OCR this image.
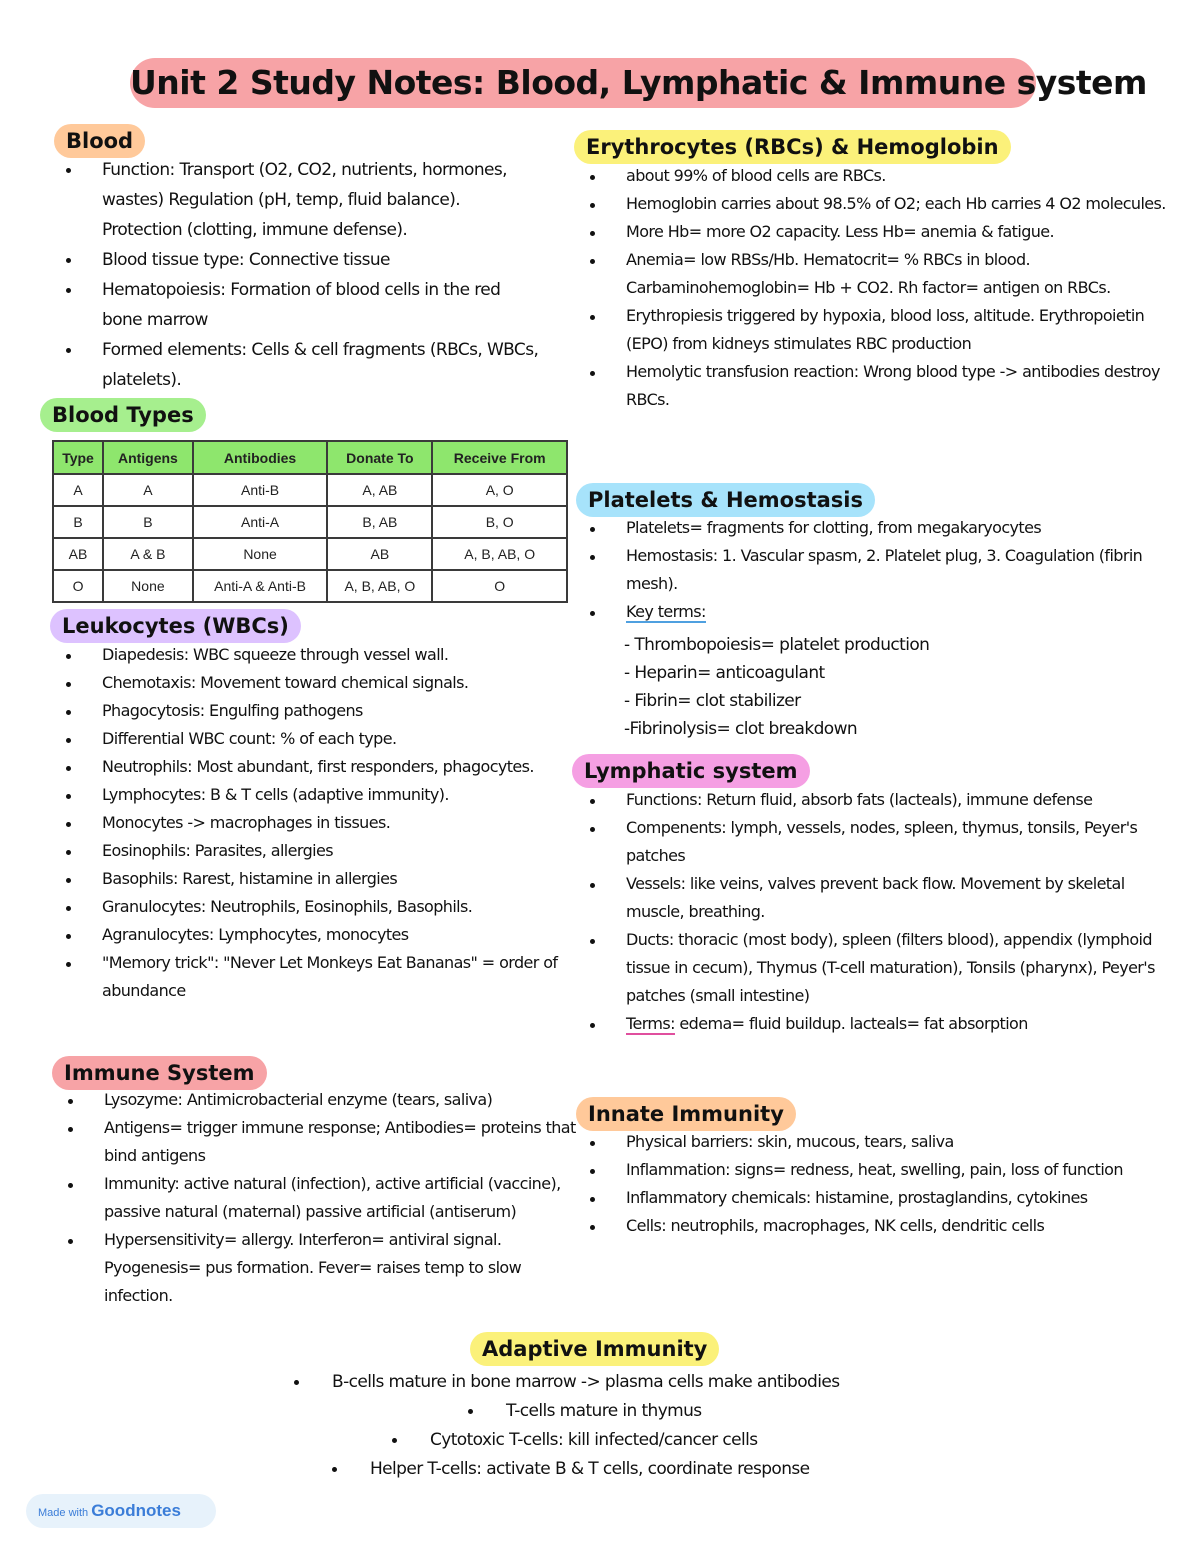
Unit 2 Study Notes: Blood, Lymphatic & Immune system
Blood
Function: Transport (O2, CO2, nutrients, hormones, wastes) Regulation (pH, temp, fluid balance). Protection (clotting, immune defense).
Blood tissue type: Connective tissue
Hematopoiesis: Formation of blood cells in the red bone marrow
Formed elements: Cells & cell fragments (RBCs, WBCs, platelets).
Blood Types
Type	Antigens	Antibodies	Donate To	Receive From
A	A	Anti-B	A, AB	A, O
B	B	Anti-A	B, AB	B, O
AB	A & B	None	AB	A, B, AB, O
O	None	Anti-A & Anti-B	A, B, AB, O	O
Leukocytes (WBCs)
Diapedesis: WBC squeeze through vessel wall.
Chemotaxis: Movement toward chemical signals.
Phagocytosis: Engulfing pathogens
Differential WBC count: % of each type.
Neutrophils: Most abundant, first responders, phagocytes.
Lymphocytes: B & T cells (adaptive immunity).
Monocytes -> macrophages in tissues.
Eosinophils: Parasites, allergies
Basophils: Rarest, histamine in allergies
Granulocytes: Neutrophils, Eosinophils, Basophils.
Agranulocytes: Lymphocytes, monocytes
"Memory trick": "Never Let Monkeys Eat Bananas" = order of abundance
Immune System
Lysozyme: Antimicrobacterial enzyme (tears, saliva)
Antigens= trigger immune response; Antibodies= proteins that bind antigens
Immunity: active natural (infection), active artificial (vaccine), passive natural (maternal) passive artificial (antiserum)
Hypersensitivity= allergy. Interferon= antiviral signal. Pyogenesis= pus formation. Fever= raises temp to slow infection.
Erythrocytes (RBCs) & Hemoglobin
about 99% of blood cells are RBCs.
Hemoglobin carries about 98.5% of O2; each Hb carries 4 O2 molecules.
More Hb= more O2 capacity. Less Hb= anemia & fatigue.
Anemia= low RBSs/Hb. Hematocrit= % RBCs in blood. Carbaminohemoglobin= Hb + CO2. Rh factor= antigen on RBCs.
Erythropiesis triggered by hypoxia, blood loss, altitude. Erythropoietin (EPO) from kidneys stimulates RBC production
Hemolytic transfusion reaction: Wrong blood type -> antibodies destroy RBCs.
Platelets & Hemostasis
Platelets= fragments for clotting, from megakaryocytes
Hemostasis: 1. Vascular spasm, 2. Platelet plug, 3. Coagulation (fibrin mesh).
Key terms:
- Thrombopoiesis= platelet production
- Heparin= anticoagulant
- Fibrin= clot stabilizer
-Fibrinolysis= clot breakdown
Lymphatic system
Functions: Return fluid, absorb fats (lacteals), immune defense
Compenents: lymph, vessels, nodes, spleen, thymus, tonsils, Peyer's patches
Vessels: like veins, valves prevent back flow. Movement by skeletal muscle, breathing.
Ducts: thoracic (most body), spleen (filters blood), appendix (lymphoid tissue in cecum), Thymus (T-cell maturation), Tonsils (pharynx), Peyer's patches (small intestine)
Terms: edema= fluid buildup. lacteals= fat absorption
Innate Immunity
Physical barriers: skin, mucous, tears, saliva
Inflammation: signs= redness, heat, swelling, pain, loss of function
Inflammatory chemicals: histamine, prostaglandins, cytokines
Cells: neutrophils, macrophages, NK cells, dendritic cells
Adaptive Immunity
B-cells mature in bone marrow -> plasma cells make antibodies
T-cells mature in thymus
Cytotoxic T-cells: kill infected/cancer cells
Helper T-cells: activate B & T cells, coordinate response
Made with Goodnotes
